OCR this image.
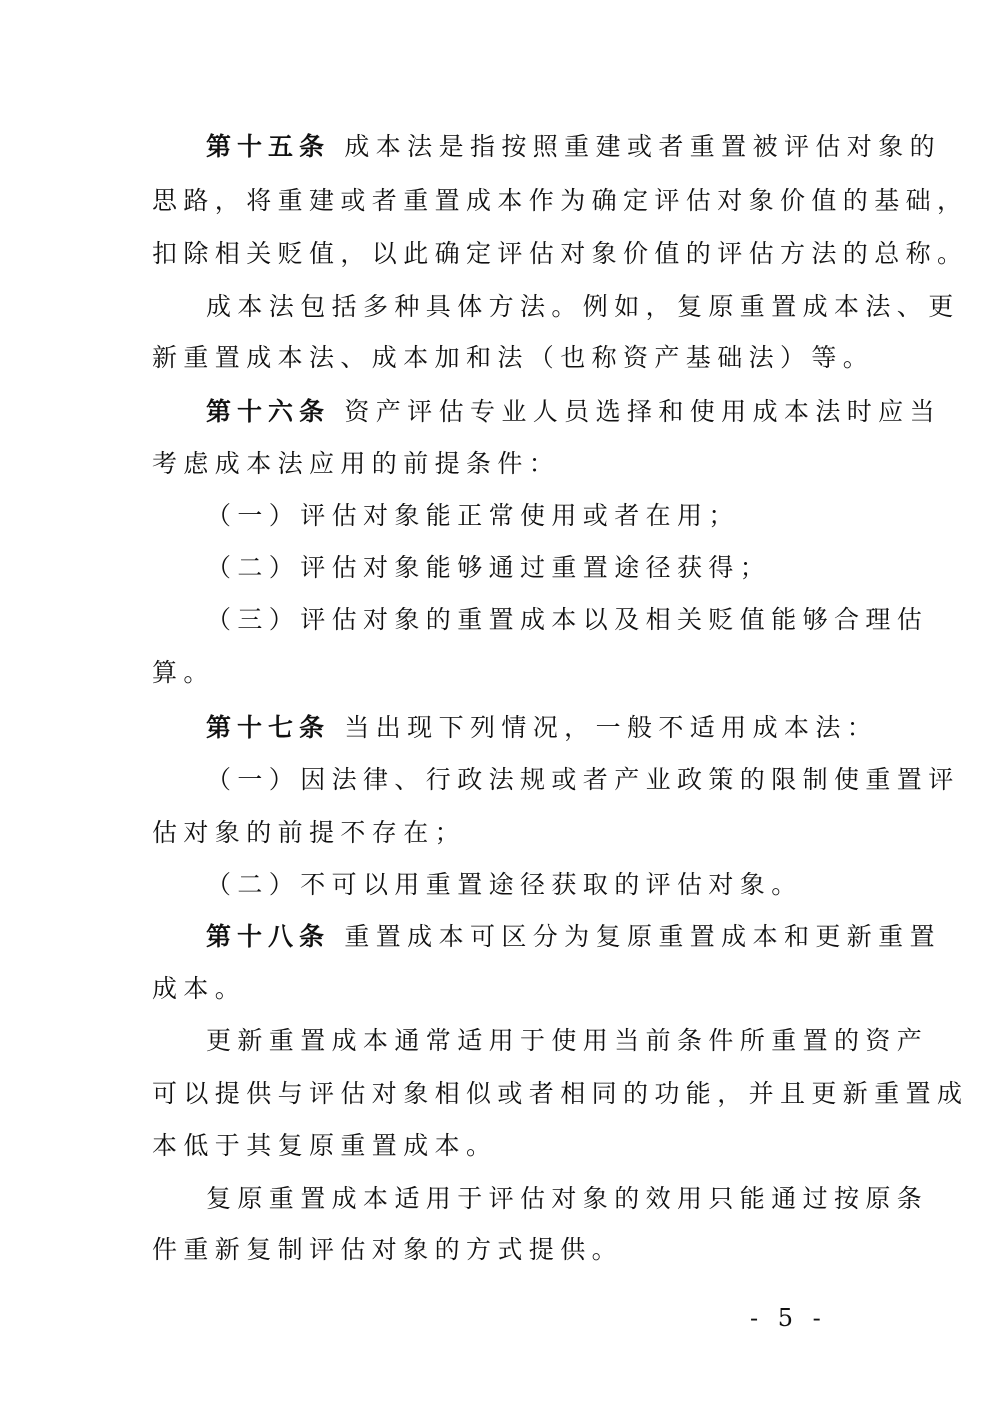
第十五条 成本法是指按照重建或者重置被评估对象的
思路，将重建或者重置成本作为确定评估对象价值的基础，
扣除相关贬值，以此确定评估对象价值的评估方法的总称。
成本法包括多种具体方法。例如，复原重置成本法、更
新重置成本法、成本加和法（也称资产基础法）等。
第十六条 资产评估专业人员选择和使用成本法时应当
考虑成本法应用的前提条件：
（一）评估对象能正常使用或者在用；
（二）评估对象能够通过重置途径获得；
（三）评估对象的重置成本以及相关贬值能够合理估
算。
第十七条 当出现下列情况，一般不适用成本法：
（一）因法律、行政法规或者产业政策的限制使重置评
估对象的前提不存在；
（二）不可以用重置途径获取的评估对象。
第十八条 重置成本可区分为复原重置成本和更新重置
成本。
更新重置成本通常适用于使用当前条件所重置的资产
可以提供与评估对象相似或者相同的功能，并且更新重置成
本低于其复原重置成本。
复原重置成本适用于评估对象的效用只能通过按原条
件重新复制评估对象的方式提供。
- 5 -
